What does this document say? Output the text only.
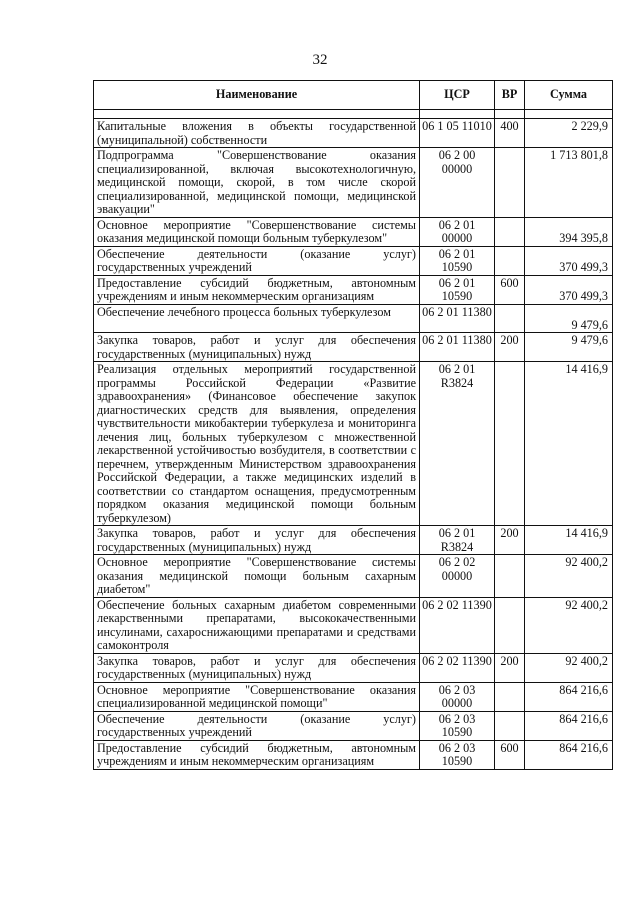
32
Наименование	ЦСР	ВР	Сумма

Капитальные вложения в объекты государственной (муниципальной) собственности	06 1 05 11010	400	2 229,9
Подпрограмма "Совершенствование оказания специализированной, включая высокотехнологичную, медицинской помощи, скорой, в том числе скорой специализированной, медицинской помощи, медицинской эвакуации"	06 2 00 00000		1 713 801,8
Основное мероприятие "Совершенствование системы оказания медицинской помощи больным туберкулезом"	06 2 01 00000		394 395,8
Обеспечение деятельности (оказание услуг) государственных учреждений	06 2 01 10590		370 499,3
Предоставление субсидий бюджетным, автономным учреждениям и иным некоммерческим организациям	06 2 01 10590	600	370 499,3
Обеспечение лечебного процесса больных туберкулезом	06 2 01 11380		9 479,6
Закупка товаров, работ и услуг для обеспечения государственных (муниципальных) нужд	06 2 01 11380	200	9 479,6
Реализация отдельных мероприятий государственной программы Российской Федерации «Развитие здравоохранения» (Финансовое обеспечение закупок диагностических средств для выявления, определения чувствительности микобактерии туберкулеза и мониторинга лечения лиц, больных туберкулезом с множественной лекарственной устойчивостью возбудителя, в соответствии с перечнем, утвержденным Министерством здравоохранения Российской Федерации, а также медицинских изделий в соответствии со стандартом оснащения, предусмотренным порядком оказания медицинской помощи больным туберкулезом)	06 2 01 R3824		14 416,9
Закупка товаров, работ и услуг для обеспечения государственных (муниципальных) нужд	06 2 01 R3824	200	14 416,9
Основное мероприятие "Совершенствование системы оказания медицинской помощи больным сахарным диабетом"	06 2 02 00000		92 400,2
Обеспечение больных сахарным диабетом современными лекарственными препаратами, высококачественными инсулинами, сахароснижающими препаратами и средствами самоконтроля	06 2 02 11390		92 400,2
Закупка товаров, работ и услуг для обеспечения государственных (муниципальных) нужд	06 2 02 11390	200	92 400,2
Основное мероприятие "Совершенствование оказания специализированной медицинской помощи"	06 2 03 00000		864 216,6
Обеспечение деятельности (оказание услуг) государственных учреждений	06 2 03 10590		864 216,6
Предоставление субсидий бюджетным, автономным учреждениям и иным некоммерческим организациям	06 2 03 10590	600	864 216,6
